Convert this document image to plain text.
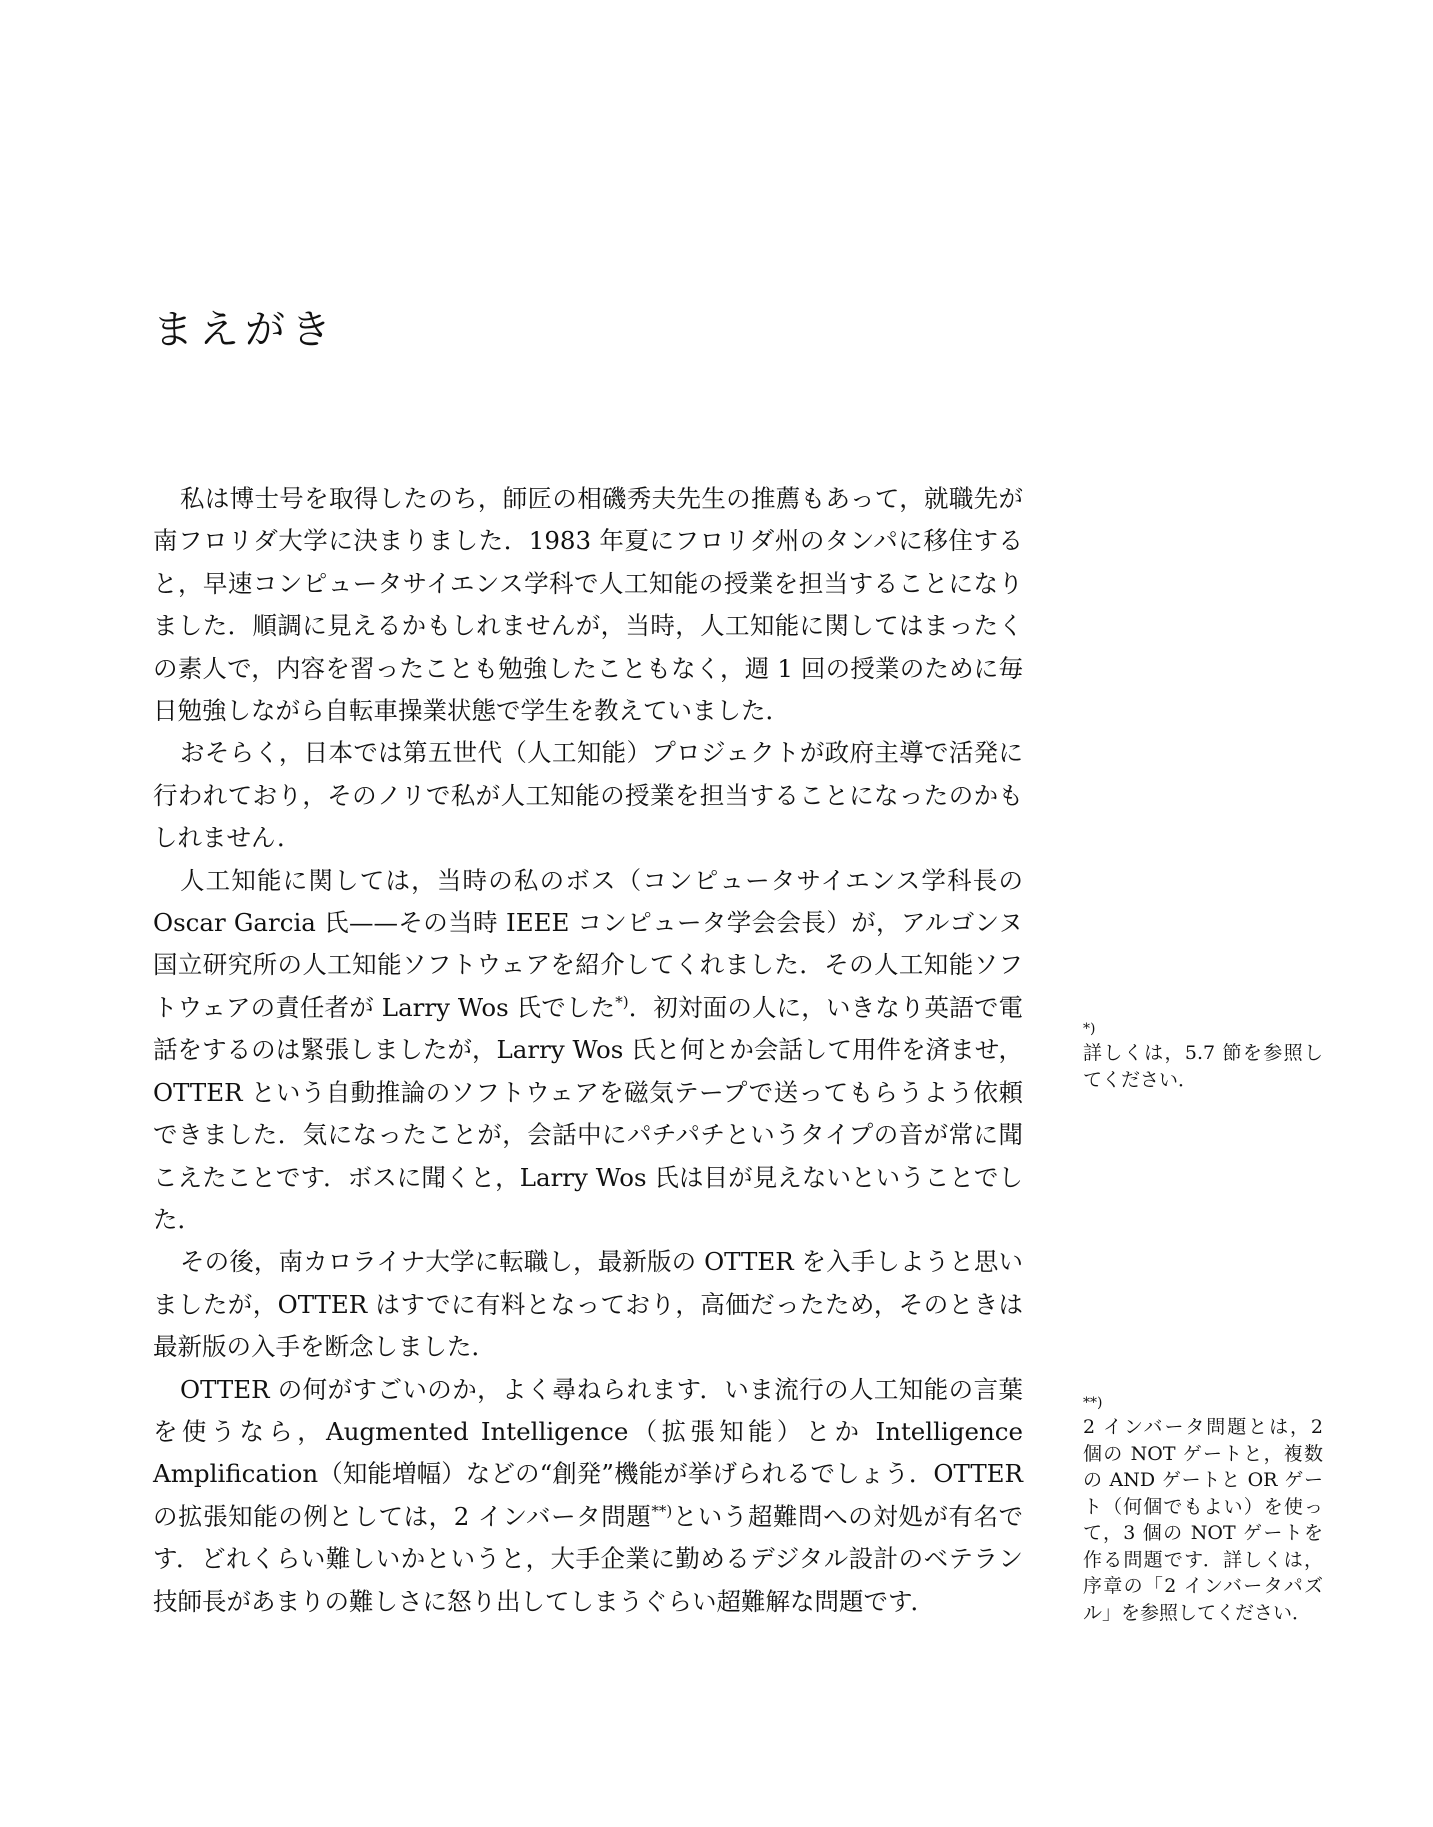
まえがき

私は博士号を取得したのち，師匠の相磯秀夫先生の推薦もあって，就職先が南フロリダ大学に決まりました．1983 年夏にフロリダ州のタンパに移住すると，早速コンピュータサイエンス学科で人工知能の授業を担当することになりました．順調に見えるかもしれませんが，当時，人工知能に関してはまったくの素人で，内容を習ったことも勉強したこともなく，週 1 回の授業のために毎日勉強しながら自転車操業状態で学生を教えていました．

おそらく，日本では第五世代（人工知能）プロジェクトが政府主導で活発に行われており，そのノリで私が人工知能の授業を担当することになったのかもしれません．

人工知能に関しては，当時の私のボス（コンピュータサイエンス学科長のOscar Garcia 氏——その当時 IEEE コンピュータ学会会長）が，アルゴンヌ国立研究所の人工知能ソフトウェアを紹介してくれました．その人工知能ソフトウェアの責任者が Larry Wos 氏でした*)．初対面の人に，いきなり英語で電話をするのは緊張しましたが，Larry Wos 氏と何とか会話して用件を済ませ，OTTER という自動推論のソフトウェアを磁気テープで送ってもらうよう依頼できました．気になったことが，会話中にパチパチというタイプの音が常に聞こえたことです．ボスに聞くと，Larry Wos 氏は目が見えないということでした．

その後，南カロライナ大学に転職し，最新版の OTTER を入手しようと思いましたが，OTTER はすでに有料となっており，高価だったため，そのときは最新版の入手を断念しました．

OTTER の何がすごいのか，よく尋ねられます．いま流行の人工知能の言葉を使うなら，Augmented Intelligence（拡張知能）とか Intelligence Amplification（知能増幅）などの“創発”機能が挙げられるでしょう．OTTER の拡張知能の例としては，2 インバータ問題**)という超難問への対処が有名です．どれくらい難しいかというと，大手企業に勤めるデジタル設計のベテラン技師長があまりの難しさに怒り出してしまうぐらい超難解な問題です．

*)
詳しくは，5.7 節を参照してください．
**)
2 インバータ問題とは，2 個の NOT ゲートと，複数の AND ゲートと OR ゲート（何個でもよい）を使って，3 個の NOT ゲートを作る問題です．詳しくは，序章の「2 インバータパズル」を参照してください．
